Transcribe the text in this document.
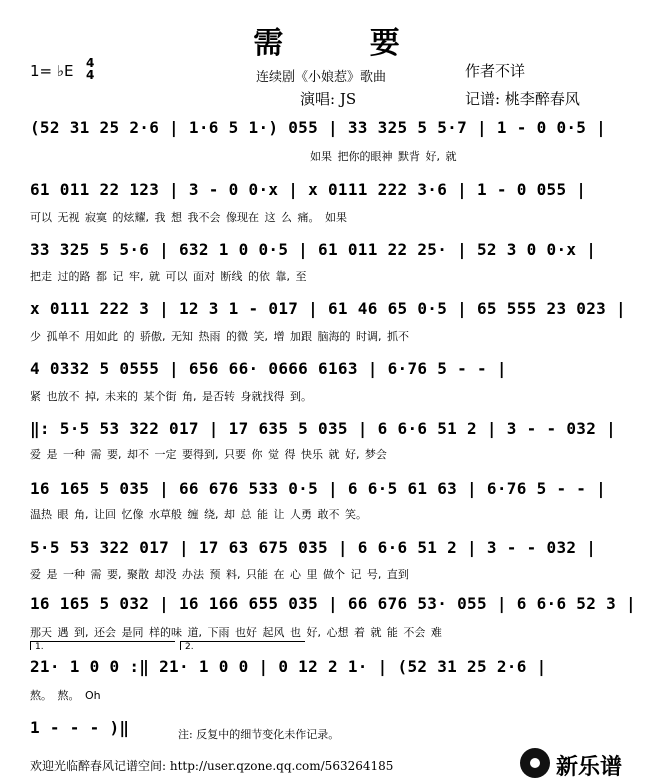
需 要
1= ♭E 4
4	连续剧《小娘惹》歌曲	作者不详
演唱: JS	记谱: 桃李醉春风
(52 31 25 2·6 | 1·6 5 1·) 055 | 33 325 5 5·7 | 1 - 0 0·5 |
如果 把你的眼神 默背 好, 就
61 011 22 123 | 3 - 0 0·x | x 0111 222 3·6 | 1 - 0 055 |
可以 无视 寂寞 的炫耀, 我 想 我不会 像现在 这 么 痛。 如果
33 325 5 5·6 | 632 1 0 0·5 | 61 011 22 25· | 52 3 0 0·x |
把走 过的路 都 记 牢, 就 可以 面对 断线 的依 靠, 至
x 0111 222 3 | 12 3 1 - 017 | 61 46 65 0·5 | 65 555 23 023 |
少 孤单不 用如此 的 骄傲, 无知 热雨 的微 笑, 增 加跟 脑海的 时调, 抓不
4 0332 5 0555 | 656 66· 0666 6163 | 6·76 5 - - |
紧 也放不 掉, 未来的 某个街 角, 是否转 身就找得 到。
‖: 5·5 53 322 017 | 17 635 5 035 | 6 6·6 51 2 | 3 - - 032 |
爱 是 一种 需 要, 却不 一定 要得到, 只要 你 觉 得 快乐 就 好, 梦会
16 165 5 035 | 66 676 533 0·5 | 6 6·5 61 63 | 6·76 5 - - |
温热 眼 角, 让回 忆像 水草般 缠 绕, 却 总 能 让 人勇 敢不 笑。
5·5 53 322 017 | 17 63 675 035 | 6 6·6 51 2 | 3 - - 032 |
爱 是 一种 需 要, 聚散 却没 办法 预 料, 只能 在 心 里 做个 记 号, 直到
16 165 5 032 | 16 166 655 035 | 66 676 53· 055 | 6 6·6 52 3 |
那天 遇 到, 还会 是同 样的味 道, 下雨 也好 起风 也 好, 心想 着 就 能 不会 难
1.	2.
21· 1 0 0 :‖ 21· 1 0 0 | 0 12 2 1· | (52 31 25 2·6 |
熬。 熬。 Oh
1 - - - )‖	注: 反复中的细节变化未作记录。
欢迎光临醉春风记谱空间: http://user.qzone.qq.com/563264185	新乐谱
